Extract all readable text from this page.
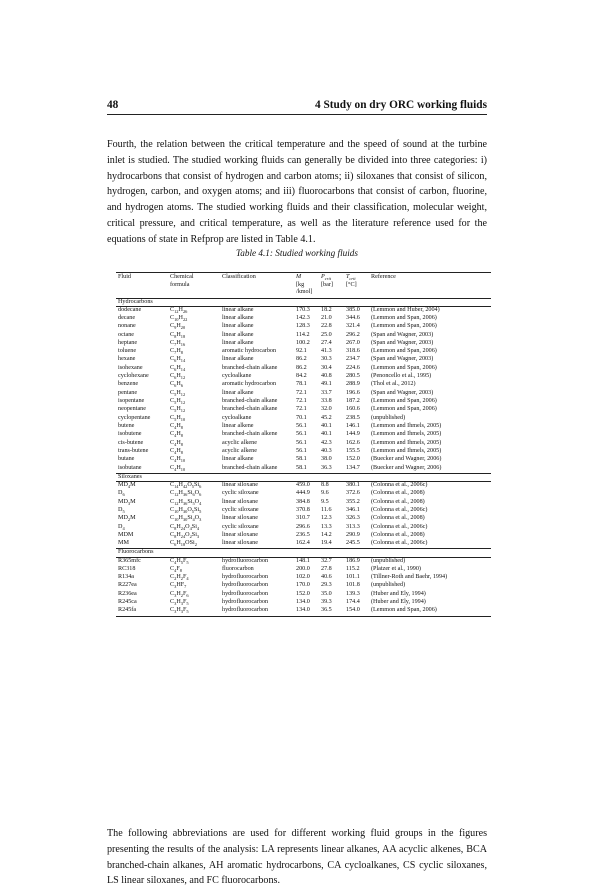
48	4 Study on dry ORC working fluids

Fourth, the relation between the critical temperature and the speed of sound at the turbine inlet is studied. The studied working fluids can generally be divided into three categories: i) hydrocarbons that consist of hydrogen and carbon atoms; ii) siloxanes that consist of silicon, hydrogen, carbon, and oxygen atoms; and iii) fluorocarbons that consist of carbon, fluorine, and hydrogen atoms. The studied working fluids and their classification, molecular weight, critical pressure, and critical temperature, as well as the literature reference used for the equations of state in Refprop are listed in Table 4.1.

Table 4.1: Studied working fluids
Fluid	Chemical	Classification	M	$P_{crit}$	$T_{crit}$	Reference
	formula		[kg	[bar]	[°C]	
			/kmol]			
Hydrocarbons						
dodecane	$C_{12}H_{26}$	linear alkane	170.3	18.2	385.0	(Lemmon and Huber, 2004)
decane	$C_{10}H_{22}$	linear alkane	142.3	21.0	344.6	(Lemmon and Span, 2006)
nonane	$C_9H_{20}$	linear alkane	128.3	22.8	321.4	(Lemmon and Span, 2006)
octane	$C_8H_{18}$	linear alkane	114.2	25.0	296.2	(Span and Wagner, 2003)
heptane	$C_7H_{16}$	linear alkane	100.2	27.4	267.0	(Span and Wagner, 2003)
toluene	$C_7H_8$	aromatic hydrocarbon	92.1	41.3	318.6	(Lemmon and Span, 2006)
hexane	$C_6H_{14}$	linear alkane	86.2	30.3	234.7	(Span and Wagner, 2003)
isohexane	$C_6H_{14}$	branched-chain alkane	86.2	30.4	224.6	(Lemmon and Span, 2006)
cyclohexane	$C_6H_{12}$	cycloalkane	84.2	40.8	280.5	(Penoncello et al., 1995)
benzene	$C_6H_6$	aromatic hydrocarbon	78.1	49.1	288.9	(Thol et al., 2012)
pentane	$C_5H_{12}$	linear alkane	72.1	33.7	196.6	(Span and Wagner, 2003)
isopentane	$C_5H_{12}$	branched-chain alkane	72.1	33.8	187.2	(Lemmon and Span, 2006)
neopentane	$C_5H_{12}$	branched-chain alkane	72.1	32.0	160.6	(Lemmon and Span, 2006)
cyclopentane	$C_5H_{10}$	cycloalkane	70.1	45.2	238.5	(unpublished)
butene	$C_4H_8$	linear alkene	56.1	40.1	146.1	(Lemmon and Ihmels, 2005)
isobutene	$C_4H_8$	branched-chain alkene	56.1	40.1	144.9	(Lemmon and Ihmels, 2005)
cis-butene	$C_4H_8$	acyclic alkene	56.1	42.3	162.6	(Lemmon and Ihmels, 2005)
trans-butene	$C_4H_8$	acyclic alkene	56.1	40.3	155.5	(Lemmon and Ihmels, 2005)
butane	$C_4H_{10}$	linear alkane	58.1	38.0	152.0	(Buecker and Wagner, 2006)
isobutane	$C_4H_{10}$	branched-chain alkane	58.1	36.3	134.7	(Buecker and Wagner, 2006)
Siloxanes						
$MD_4M$	$C_{14}H_{42}O_5Si_6$	linear siloxane	459.0	8.8	380.1	(Colonna et al., 2006c)
$D_6$	$C_{12}H_{36}Si_6O_6$	cyclic siloxane	444.9	9.6	372.6	(Colonna et al., 2008)
$MD_3M$	$C_{12}H_{36}Si_5O_4$	linear siloxane	384.8	9.5	355.2	(Colonna et al., 2008)
$D_5$	$C_{10}H_{30}O_5Si_5$	cyclic siloxane	370.8	11.6	346.1	(Colonna et al., 2006c)
$MD_2M$	$C_{10}H_{30}Si_4O_3$	linear siloxane	310.7	12.3	326.3	(Colonna et al., 2008)
$D_4$	$C_8H_{24}O_4Si_4$	cyclic siloxane	296.6	13.3	313.3	(Colonna et al., 2006c)
MDM	$C_8H_{24}O_2Si_3$	linear siloxane	236.5	14.2	290.9	(Colonna et al., 2008)
MM	$C_6H_{18}OSi_2$	linear siloxane	162.4	19.4	245.5	(Colonna et al., 2006c)
Fluorocarbons						
R365mfc	$C_4H_5F_5$	hydrofluorocarbon	148.1	32.7	186.9	(unpublished)
RC318	$C_4F_8$	fluorocarbon	200.0	27.8	115.2	(Platzer et al., 1990)
R134a	$C_2H_2F_4$	hydrofluorocarbon	102.0	40.6	101.1	(Tillner-Roth and Baehr, 1994)
R227ea	$C_3HF_7$	hydrofluorocarbon	170.0	29.3	101.8	(unpublished)
R236ea	$C_3H_2F_6$	hydrofluorocarbon	152.0	35.0	139.3	(Huber and Ely, 1994)
R245ca	$C_3H_3F_5$	hydrofluorocarbon	134.0	39.3	174.4	(Huber and Ely, 1994)
R245fa	$C_3H_3F_5$	hydrofluorocarbon	134.0	36.5	154.0	(Lemmon and Span, 2006)

The following abbreviations are used for different working fluid groups in the figures presenting the results of the analysis: LA represents linear alkanes, AA acyclic alkenes, BCA branched-chain alkanes, AH aromatic hydrocarbons, CA cycloalkanes, CS cyclic siloxanes, LS linear siloxanes, and FC fluorocarbons.
